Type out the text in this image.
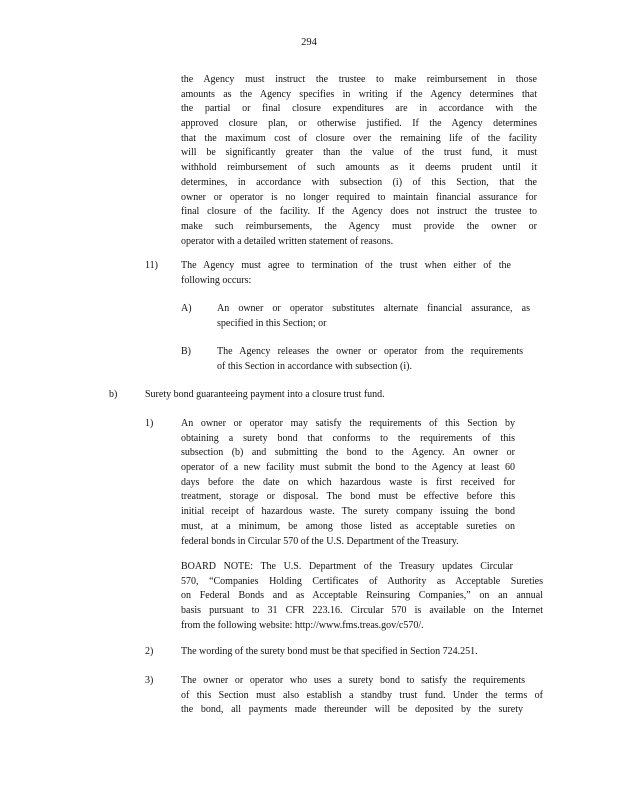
294
the Agency must instruct the trustee to make reimbursement in those
amounts as the Agency specifies in writing if the Agency determines that
the partial or final closure expenditures are in accordance with the
approved closure plan, or otherwise justified. If the Agency determines
that the maximum cost of closure over the remaining life of the facility
will be significantly greater than the value of the trust fund, it must
withhold reimbursement of such amounts as it deems prudent until it
determines, in accordance with subsection (i) of this Section, that the
owner or operator is no longer required to maintain financial assurance for
final closure of the facility. If the Agency does not instruct the trustee to
make such reimbursements, the Agency must provide the owner or
operator with a detailed written statement of reasons.
11) The Agency must agree to termination of the trust when either of the
following occurs:
A)	An owner or operator substitutes alternate financial assurance, as
specified in this Section; or
B)	The Agency releases the owner or operator from the requirements
of this Section in accordance with subsection (i).
b)	Surety bond guaranteeing payment into a closure trust fund.
1)	An owner or operator may satisfy the requirements of this Section by
obtaining a surety bond that conforms to the requirements of this
subsection (b) and submitting the bond to the Agency. An owner or
operator of a new facility must submit the bond to the Agency at least 60
days before the date on which hazardous waste is first received for
treatment, storage or disposal. The bond must be effective before this
initial receipt of hazardous waste. The surety company issuing the bond
must, at a minimum, be among those listed as acceptable sureties on
federal bonds in Circular 570 of the U.S. Department of the Treasury.
BOARD NOTE: The U.S. Department of the Treasury updates Circular
570, “Companies Holding Certificates of Authority as Acceptable Sureties
on Federal Bonds and as Acceptable Reinsuring Companies,” on an annual
basis pursuant to 31 CFR 223.16. Circular 570 is available on the Internet
from the following website: http://www.fms.treas.gov/c570/.
2)	The wording of the surety bond must be that specified in Section 724.251.
3)	The owner or operator who uses a surety bond to satisfy the requirements
of this Section must also establish a standby trust fund. Under the terms of
the bond, all payments made thereunder will be deposited by the surety
